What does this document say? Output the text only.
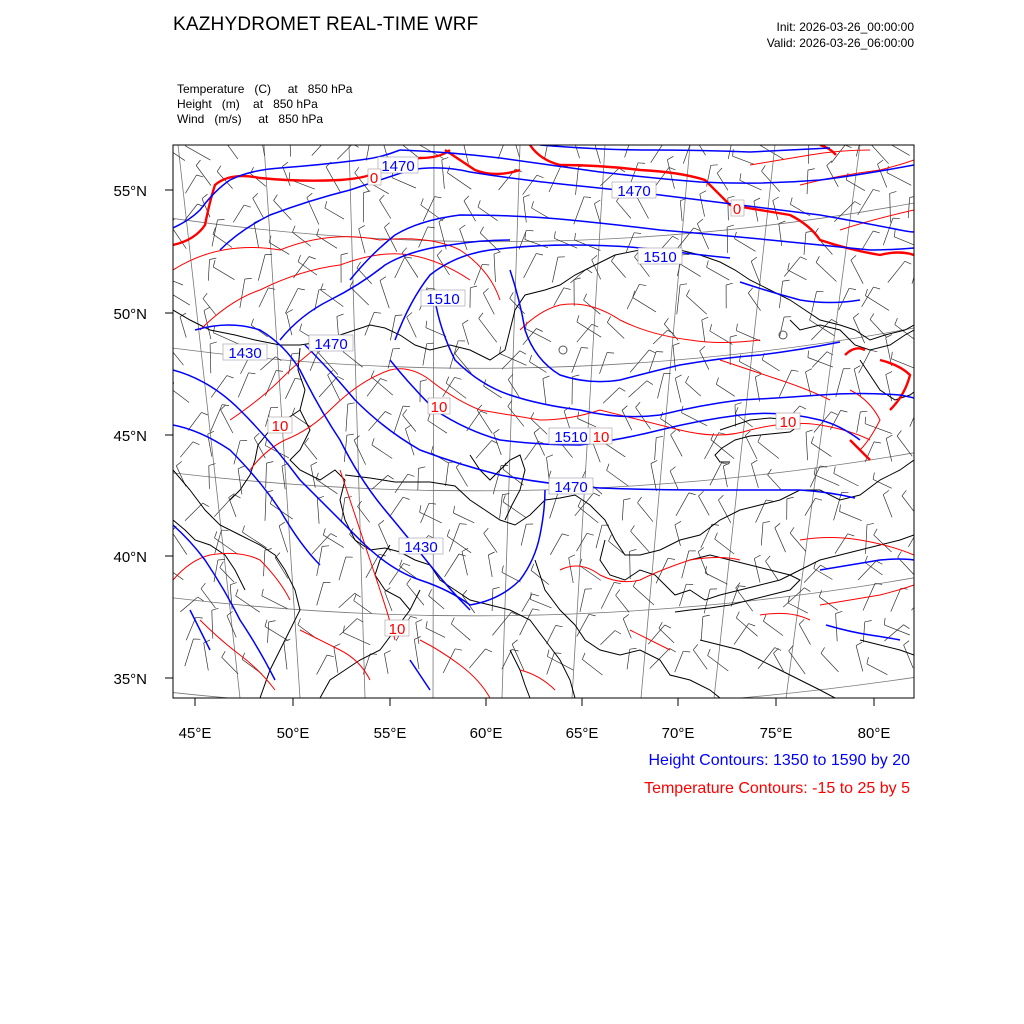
KAZHYDROMET REAL-TIME WRF	Init: 2026-03-26_00:00:00
Valid: 2026-03-26_06:00:00
Temperature (C) at 850 hPa
Height (m) at 850 hPa
Wind (m/s) at 850 hPa
55°N
50°N
45°N
40°N
35°N
45°E	50°E	55°E	60°E	65°E	70°E	75°E	80°E
1470
1470
1510
1510
1430
1470
1510
1470
1430
0
0
10
10
10
10
10
Height Contours: 1350 to 1590 by 20
Temperature Contours: -15 to 25 by 5
